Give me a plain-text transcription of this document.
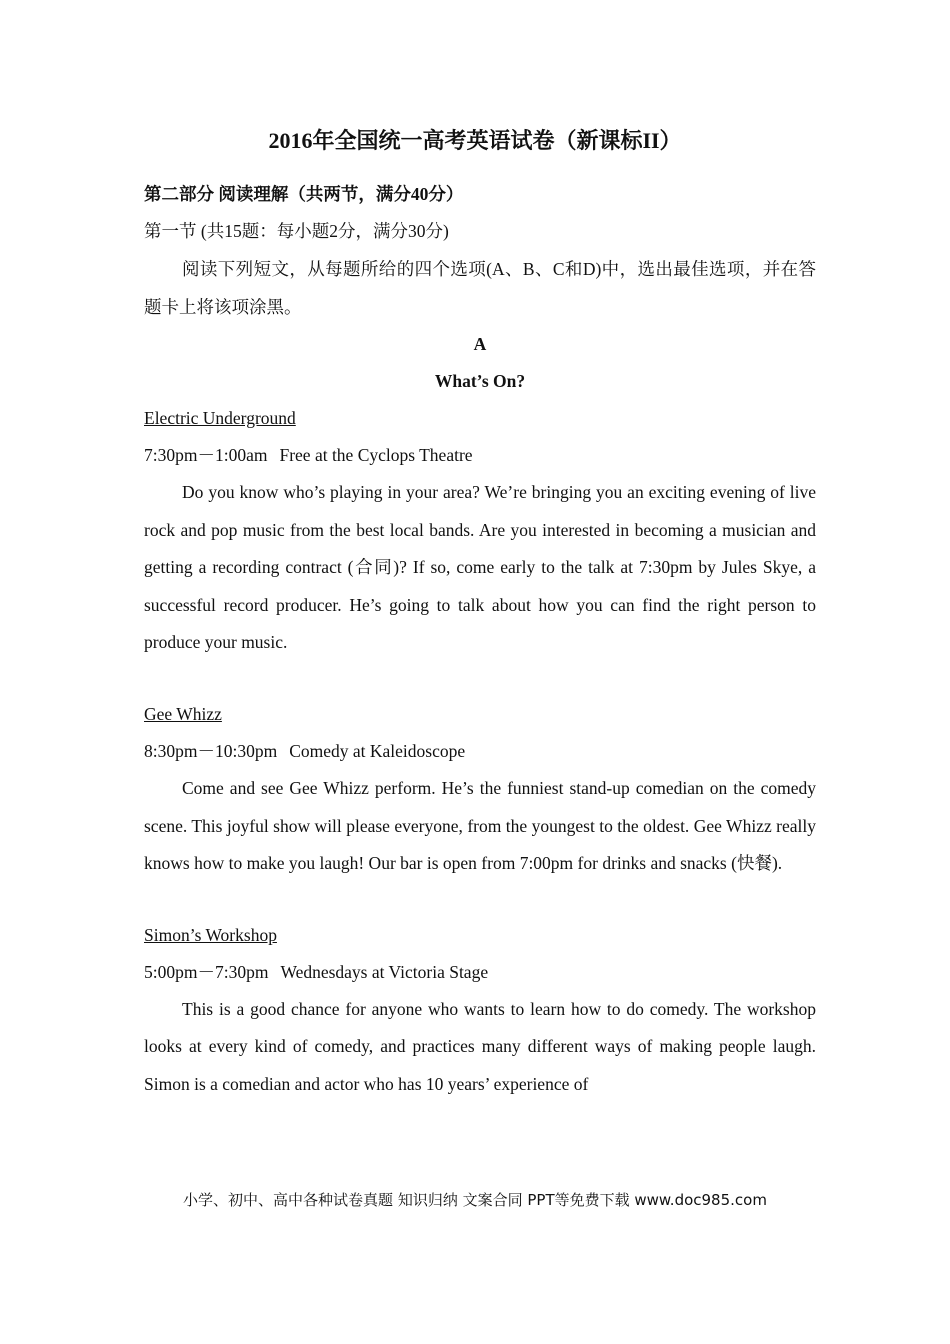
2016年全国统一高考英语试卷（新课标II）
第二部分 阅读理解（共两节，满分40分）
第一节 (共15题：每小题2分，满分30分)
阅读下列短文，从每题所给的四个选项(A、B、C和D)中，选出最佳选项，并在答题卡上将该项涂黑。
A
What’s On?
Electric Underground
7:30pm－1:00am Free at the Cyclops Theatre
Do you know who’s playing in your area? We’re bringing you an exciting evening of live rock and pop music from the best local bands. Are you interested in becoming a musician and getting a recording contract (合同)? If so, come early to the talk at 7:30pm by Jules Skye, a successful record producer. He’s going to talk about how you can find the right person to produce your music.
Gee Whizz
8:30pm－10:30pm Comedy at Kaleidoscope
Come and see Gee Whizz perform. He’s the funniest stand-up comedian on the comedy scene. This joyful show will please everyone, from the youngest to the oldest. Gee Whizz really knows how to make you laugh! Our bar is open from 7:00pm for drinks and snacks (快餐).
Simon’s Workshop
5:00pm－7:30pm Wednesdays at Victoria Stage
This is a good chance for anyone who wants to learn how to do comedy. The workshop looks at every kind of comedy, and practices many different ways of making people laugh. Simon is a comedian and actor who has 10 years’ experience of
小学、初中、高中各种试卷真题 知识归纳 文案合同 PPT等免费下载 www.doc985.com
